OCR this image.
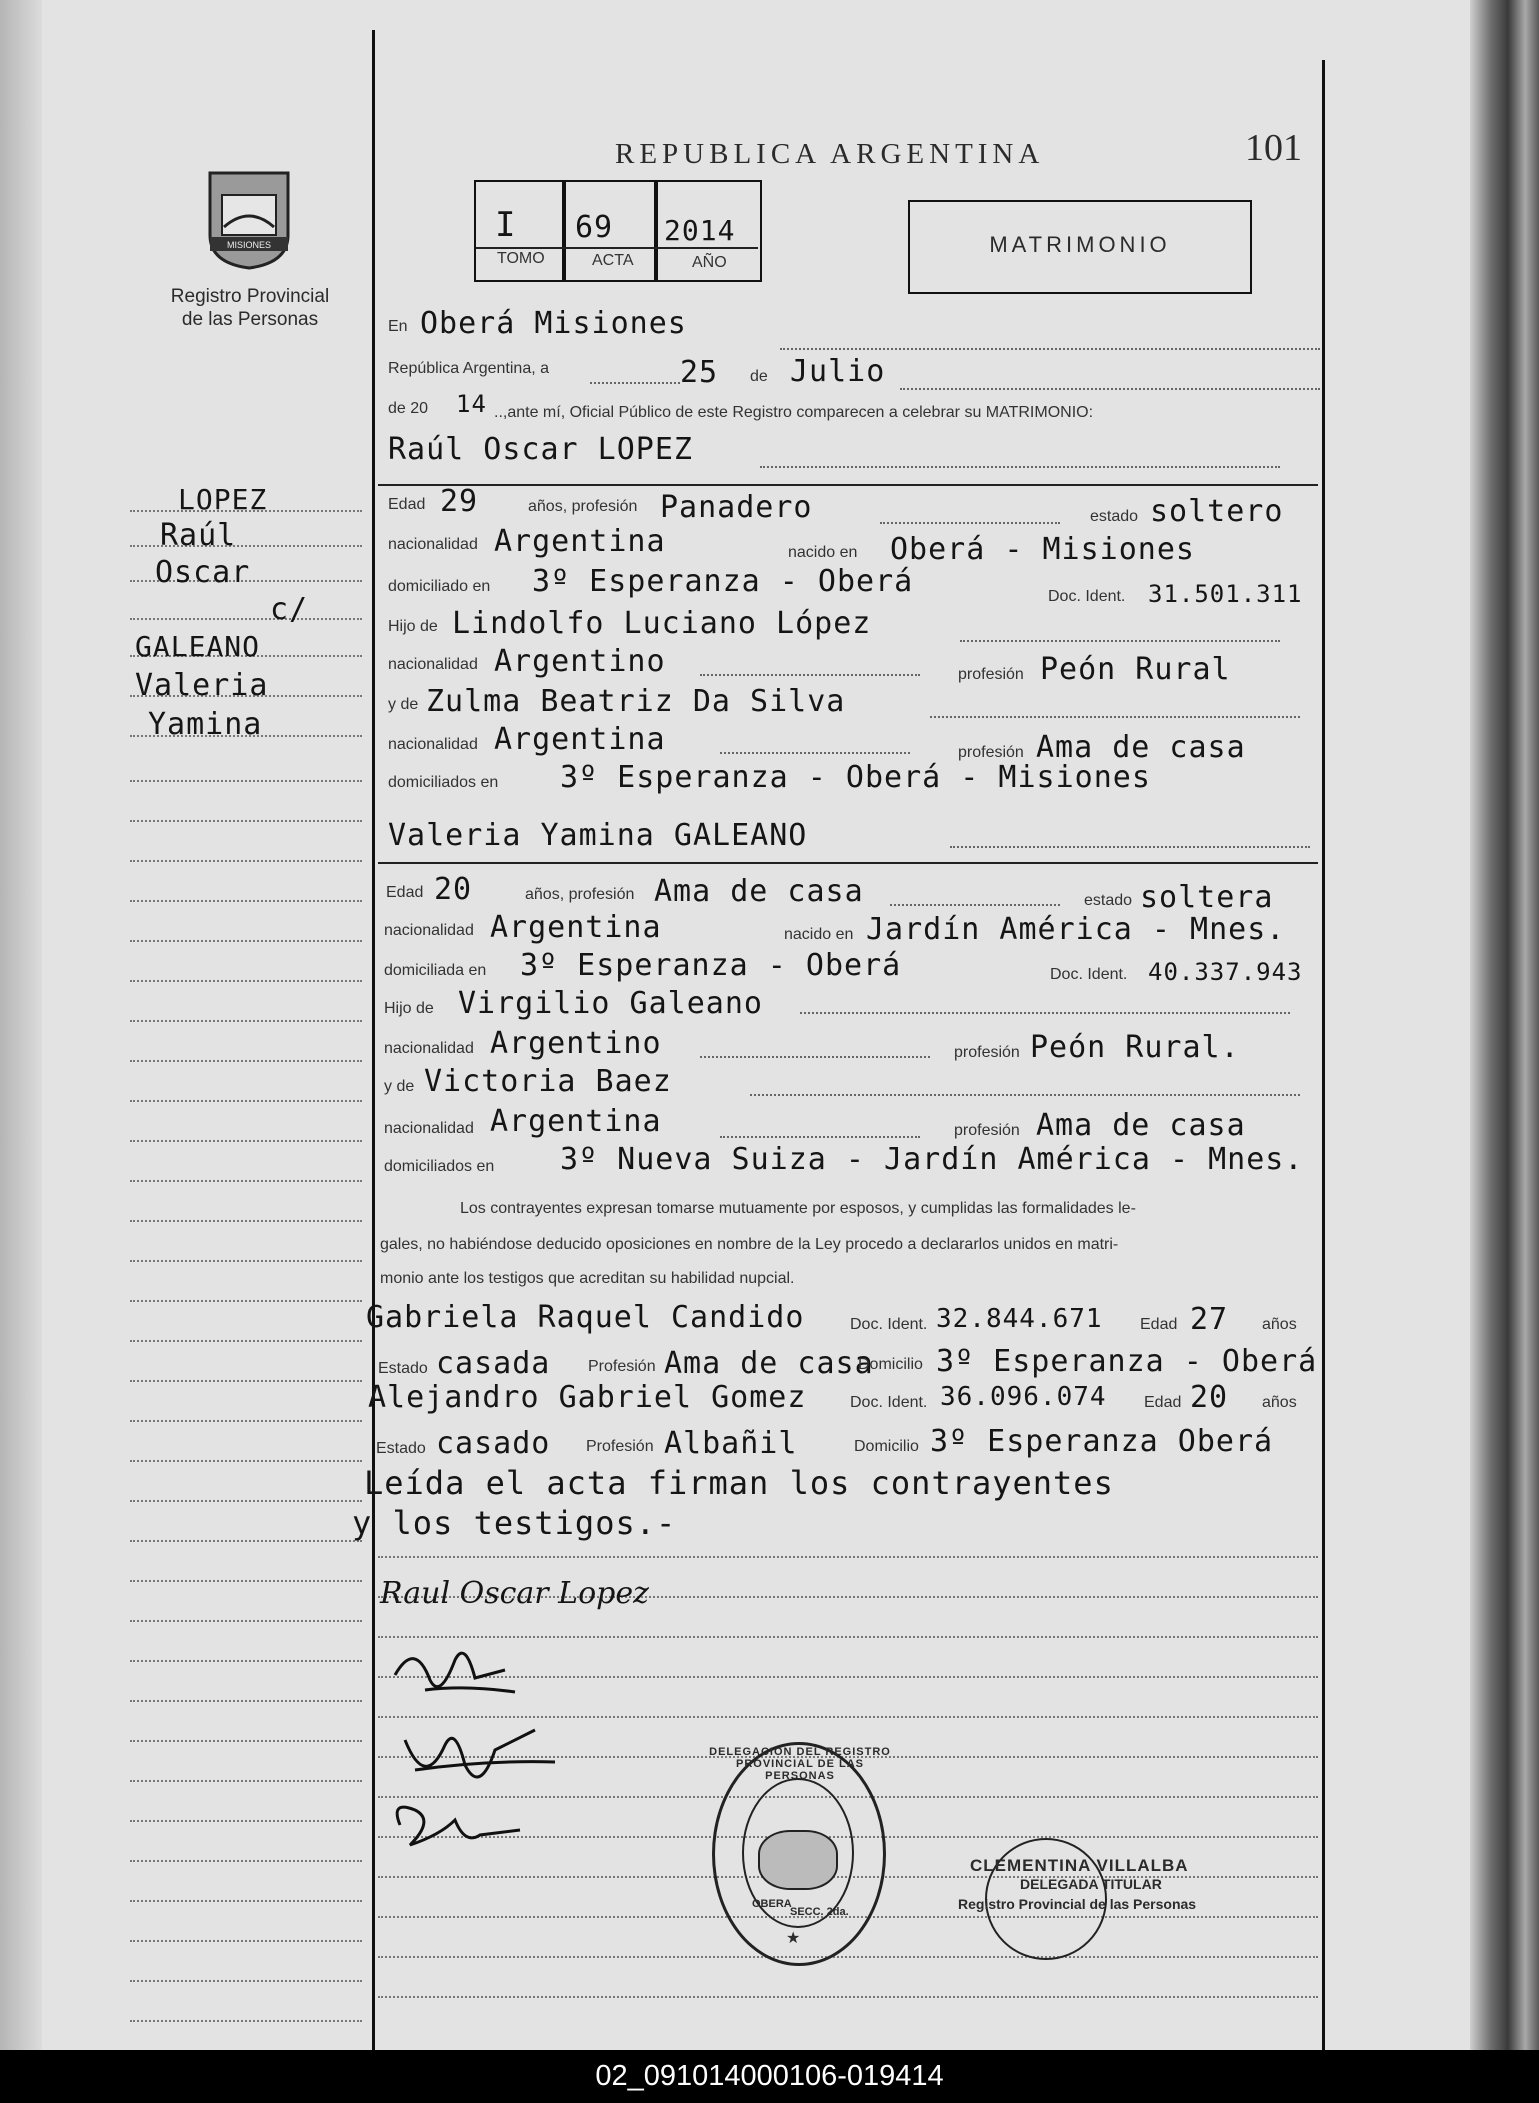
MISIONES
Registro Provincial
de las Personas
REPUBLICA ARGENTINA	101
I 69 2014
TOMO	ACTA	AÑO
MATRIMONIO
LOPEZ
Raúl
Oscar
c/
GALEANO
Valeria
Yamina
En Oberá Misiones
República Argentina, a	25 de Julio
de 20 14 ..,ante mí, Oficial Público de este Registro comparecen a celebrar su MATRIMONIO:
Raúl Oscar LOPEZ
Edad 29	años, profesión Panadero	estado soltero
nacionalidad Argentina	nacido en Oberá - Misiones
domiciliado en 3º Esperanza - Oberá	Doc. Ident. 31.501.311
Hijo de Lindolfo Luciano López
nacionalidad Argentino	profesión Peón Rural
y de Zulma Beatriz Da Silva
nacionalidad Argentina	profesión Ama de casa
domiciliados en 3º Esperanza - Oberá - Misiones
Valeria Yamina GALEANO
Edad 20	años, profesión Ama de casa	estado soltera
nacionalidad Argentina	nacido en Jardín América - Mnes.
domiciliada en 3º Esperanza - Oberá	Doc. Ident. 40.337.943
Hijo de Virgilio Galeano
nacionalidad Argentino	profesión Peón Rural.
y de Victoria Baez
nacionalidad Argentina	profesión Ama de casa
domiciliados en 3º Nueva Suiza - Jardín América - Mnes.
Los contrayentes expresan tomarse mutuamente por esposos, y cumplidas las formalidades le-
gales, no habiéndose deducido oposiciones en nombre de la Ley procedo a declararlos unidos en matri-
monio ante los testigos que acreditan su habilidad nupcial.
Gabriela Raquel Candido	Doc. Ident. 32.844.671 Edad 27 años
Estado casada Profesión Ama de casa
Domicilio 3º Esperanza - Oberá
Alejandro Gabriel Gomez	Doc. Ident. 36.096.074 Edad 20 años
Estado casado Profesión Albañil	Domicilio 3º Esperanza Oberá
Leída el acta firman los contrayentes
y los testigos.-
Raul Oscar Lopez
DELEGACION DEL REGISTRO PROVINCIAL DE LAS PERSONAS
OBERA
SECC. 2da.
★
CLEMENTINA VILLALBA
DELEGADA TITULAR
Registro Provincial de las Personas
02_091014000106-019414
